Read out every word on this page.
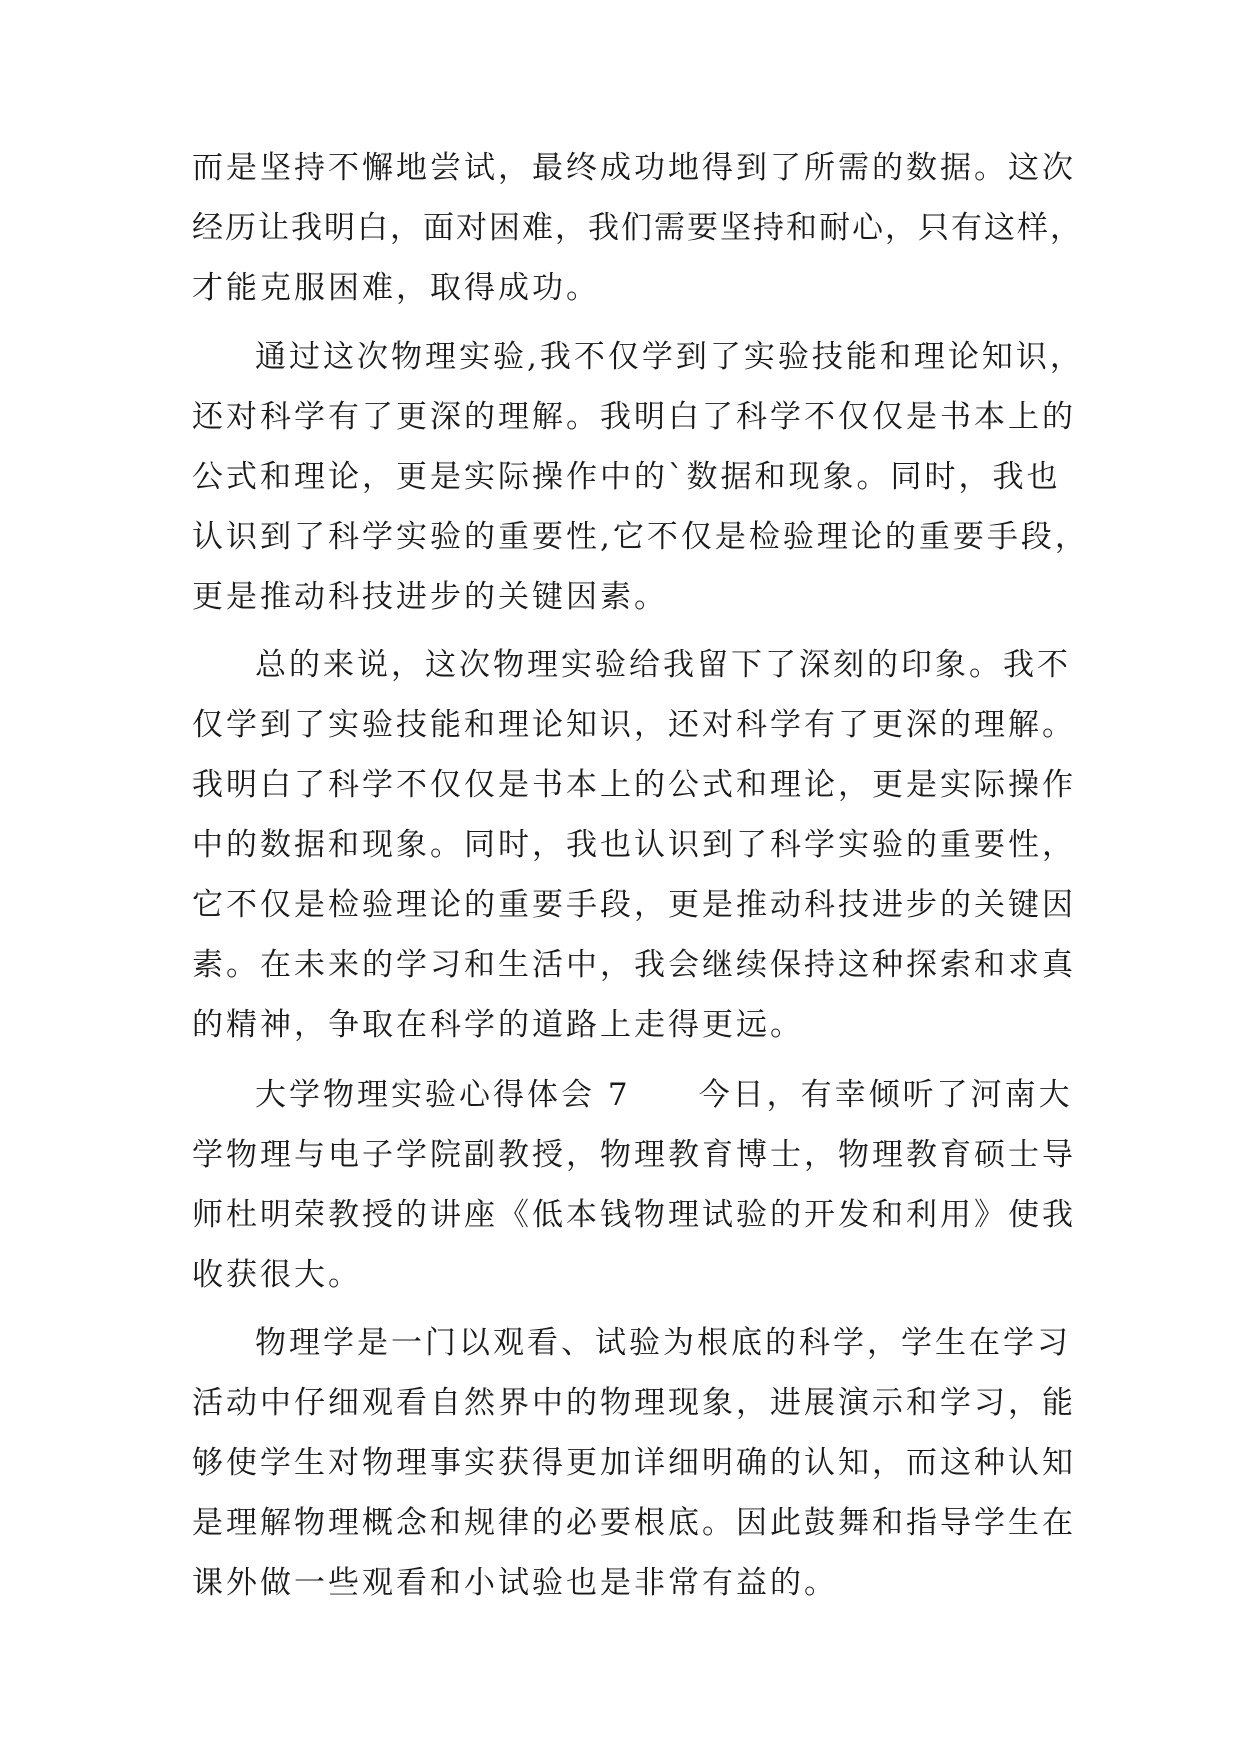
而是坚持不懈地尝试，最终成功地得到了所需的数据。这次
经历让我明白，面对困难，我们需要坚持和耐心，只有这样，
才能克服困难，取得成功。
通过这次物理实验,我不仅学到了实验技能和理论知识，
还对科学有了更深的理解。我明白了科学不仅仅是书本上的
公式和理论，更是实际操作中的`数据和现象。同时，我也
认识到了科学实验的重要性,它不仅是检验理论的重要手段，
更是推动科技进步的关键因素。
总的来说，这次物理实验给我留下了深刻的印象。我不
仅学到了实验技能和理论知识，还对科学有了更深的理解。
我明白了科学不仅仅是书本上的公式和理论，更是实际操作
中的数据和现象。同时，我也认识到了科学实验的重要性，
它不仅是检验理论的重要手段，更是推动科技进步的关键因
素。在未来的学习和生活中，我会继续保持这种探索和求真
的精神，争取在科学的道路上走得更远。
大学物理实验心得体会 7　　今日，有幸倾听了河南大
学物理与电子学院副教授，物理教育博士，物理教育硕士导
师杜明荣教授的讲座《低本钱物理试验的开发和利用》使我
收获很大。
物理学是一门以观看、试验为根底的科学，学生在学习
活动中仔细观看自然界中的物理现象，进展演示和学习，能
够使学生对物理事实获得更加详细明确的认知，而这种认知
是理解物理概念和规律的必要根底。因此鼓舞和指导学生在
课外做一些观看和小试验也是非常有益的。
